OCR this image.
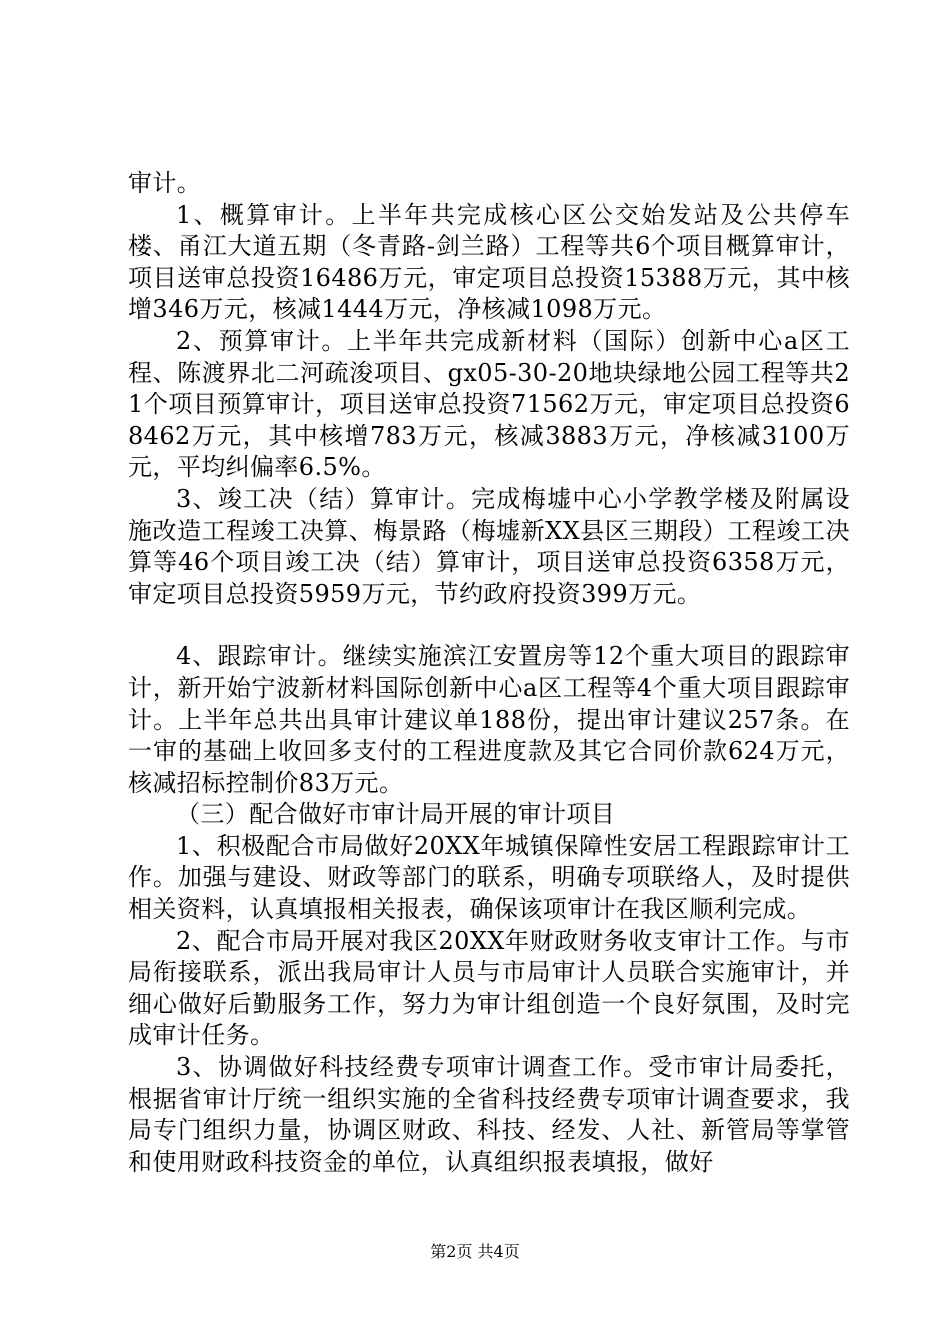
审计。

1、概算审计。上半年共完成核心区公交始发站及公共停车楼、甬江大道五期（冬青路-剑兰路）工程等共6个项目概算审计，项目送审总投资16486万元，审定项目总投资15388万元，其中核增346万元，核减1444万元，净核减1098万元。

2、预算审计。上半年共完成新材料（国际）创新中心a区工程、陈渡界北二河疏浚项目、gx05-30-20地块绿地公园工程等共21个项目预算审计，项目送审总投资71562万元，审定项目总投资68462万元，其中核增783万元，核减3883万元，净核减3100万元，平均纠偏率6.5%。

3、竣工决（结）算审计。完成梅墟中心小学教学楼及附属设施改造工程竣工决算、梅景路（梅墟新XX县区三期段）工程竣工决算等46个项目竣工决（结）算审计，项目送审总投资6358万元，审定项目总投资5959万元，节约政府投资399万元。

4、跟踪审计。继续实施滨江安置房等12个重大项目的跟踪审计，新开始宁波新材料国际创新中心a区工程等4个重大项目跟踪审计。上半年总共出具审计建议单188份，提出审计建议257条。在一审的基础上收回多支付的工程进度款及其它合同价款624万元，核减招标控制价83万元。

（三）配合做好市审计局开展的审计项目

1、积极配合市局做好20XX年城镇保障性安居工程跟踪审计工作。加强与建设、财政等部门的联系，明确专项联络人，及时提供相关资料，认真填报相关报表，确保该项审计在我区顺利完成。

2、配合市局开展对我区20XX年财政财务收支审计工作。与市局衔接联系，派出我局审计人员与市局审计人员联合实施审计，并细心做好后勤服务工作，努力为审计组创造一个良好氛围，及时完成审计任务。

3、协调做好科技经费专项审计调查工作。受市审计局委托，根据省审计厅统一组织实施的全省科技经费专项审计调查要求，我局专门组织力量，协调区财政、科技、经发、人社、新管局等掌管和使用财政科技资金的单位，认真组织报表填报，做好

第2页 共4页
